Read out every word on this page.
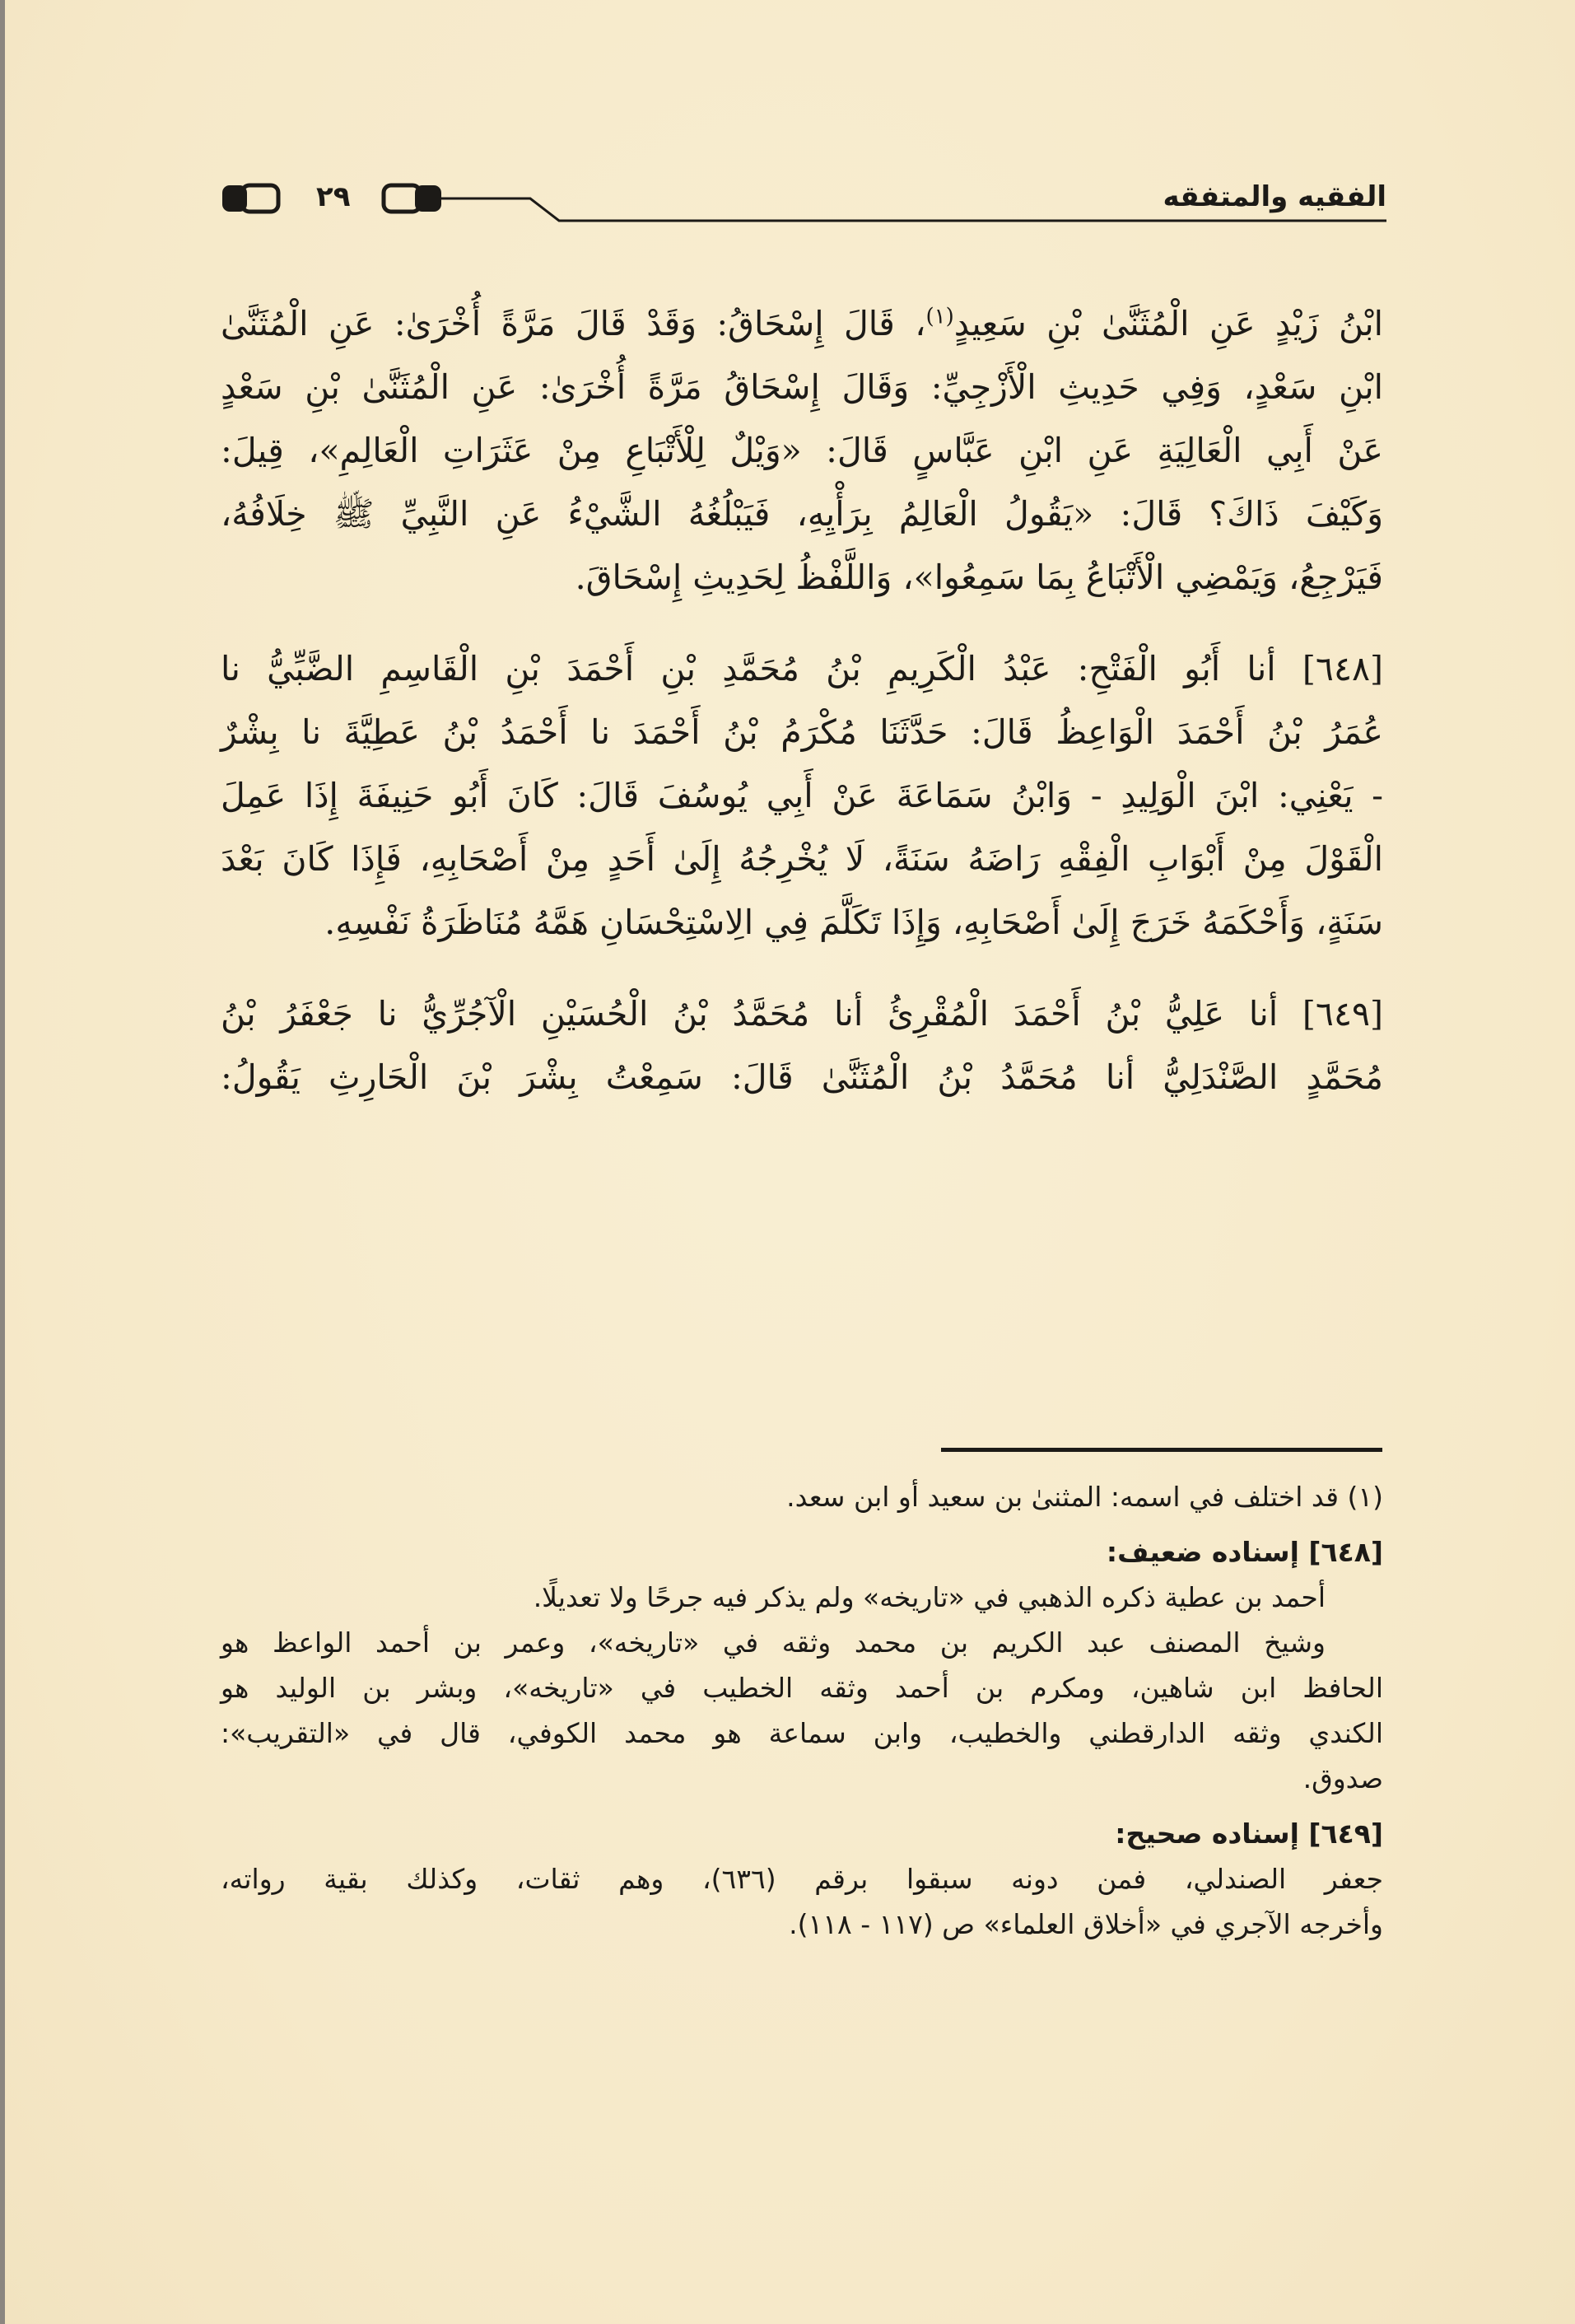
٢٩	الفقيه والمتفقه

ابْنُ زَيْدٍ عَنِ الْمُثَنَّىٰ بْنِ سَعِيدٍ$^{(١)}$، قَالَ إِسْحَاقُ: وَقَدْ قَالَ مَرَّةً أُخْرَىٰ: عَنِ الْمُثَنَّىٰ
ابْنِ سَعْدٍ، وَفِي حَدِيثِ الْأَزْجِيِّ: وَقَالَ إِسْحَاقُ مَرَّةً أُخْرَىٰ: عَنِ الْمُثَنَّىٰ بْنِ سَعْدٍ
عَنْ أَبِي الْعَالِيَةِ عَنِ ابْنِ عَبَّاسٍ قَالَ: «وَيْلٌ لِلْأَتْبَاعِ مِنْ عَثَرَاتِ الْعَالِمِ»، قِيلَ:
وَكَيْفَ ذَاكَ؟ قَالَ: «يَقُولُ الْعَالِمُ بِرَأْيِهِ، فَيَبْلُغُهُ الشَّيْءُ عَنِ النَّبِيِّ ﷺ خِلَافُهُ،
فَيَرْجِعُ، وَيَمْضِي الْأَتْبَاعُ بِمَا سَمِعُوا»، وَاللَّفْظُ لِحَدِيثِ إِسْحَاقَ.

[٦٤٨] أنا أَبُو الْفَتْحِ: عَبْدُ الْكَرِيمِ بْنُ مُحَمَّدِ بْنِ أَحْمَدَ بْنِ الْقَاسِمِ الضَّبِّيُّ نا
عُمَرُ بْنُ أَحْمَدَ الْوَاعِظُ قَالَ: حَدَّثَنَا مُكْرَمُ بْنُ أَحْمَدَ نا أَحْمَدُ بْنُ عَطِيَّةَ نا بِشْرٌ
- يَعْنِي: ابْنَ الْوَلِيدِ - وَابْنُ سَمَاعَةَ عَنْ أَبِي يُوسُفَ قَالَ: كَانَ أَبُو حَنِيفَةَ إِذَا عَمِلَ
الْقَوْلَ مِنْ أَبْوَابِ الْفِقْهِ رَاضَهُ سَنَةً، لَا يُخْرِجُهُ إِلَىٰ أَحَدٍ مِنْ أَصْحَابِهِ، فَإِذَا كَانَ بَعْدَ
سَنَةٍ، وَأَحْكَمَهُ خَرَجَ إِلَىٰ أَصْحَابِهِ، وَإِذَا تَكَلَّمَ فِي الِاسْتِحْسَانِ هَمَّهُ مُنَاظَرَةُ نَفْسِهِ.

[٦٤٩] أنا عَلِيُّ بْنُ أَحْمَدَ الْمُقْرِئُ أنا مُحَمَّدُ بْنُ الْحُسَيْنِ الْآجُرِّيُّ نا جَعْفَرُ بْنُ
مُحَمَّدٍ الصَّنْدَلِيُّ أنا مُحَمَّدُ بْنُ الْمُثَنَّىٰ قَالَ: سَمِعْتُ بِشْرَ بْنَ الْحَارِثِ يَقُولُ:

(١) قد اختلف في اسمه: المثنىٰ بن سعيد أو ابن سعد.
[٦٤٨] إسناده ضعيف:
أحمد بن عطية ذكره الذهبي في «تاريخه» ولم يذكر فيه جرحًا ولا تعديلًا.
وشيخ المصنف عبد الكريم بن محمد وثقه في «تاريخه»، وعمر بن أحمد الواعظ هو
الحافظ ابن شاهين، ومكرم بن أحمد وثقه الخطيب في «تاريخه»، وبشر بن الوليد هو
الكندي وثقه الدارقطني والخطيب، وابن سماعة هو محمد الكوفي، قال في «التقريب»:
صدوق.
[٦٤٩] إسناده صحيح:
جعفر الصندلي، فمن دونه سبقوا برقم (٦٣٦)، وهم ثقات، وكذلك بقية رواته،
وأخرجه الآجري في «أخلاق العلماء» ص (١١٧ - ١١٨).
